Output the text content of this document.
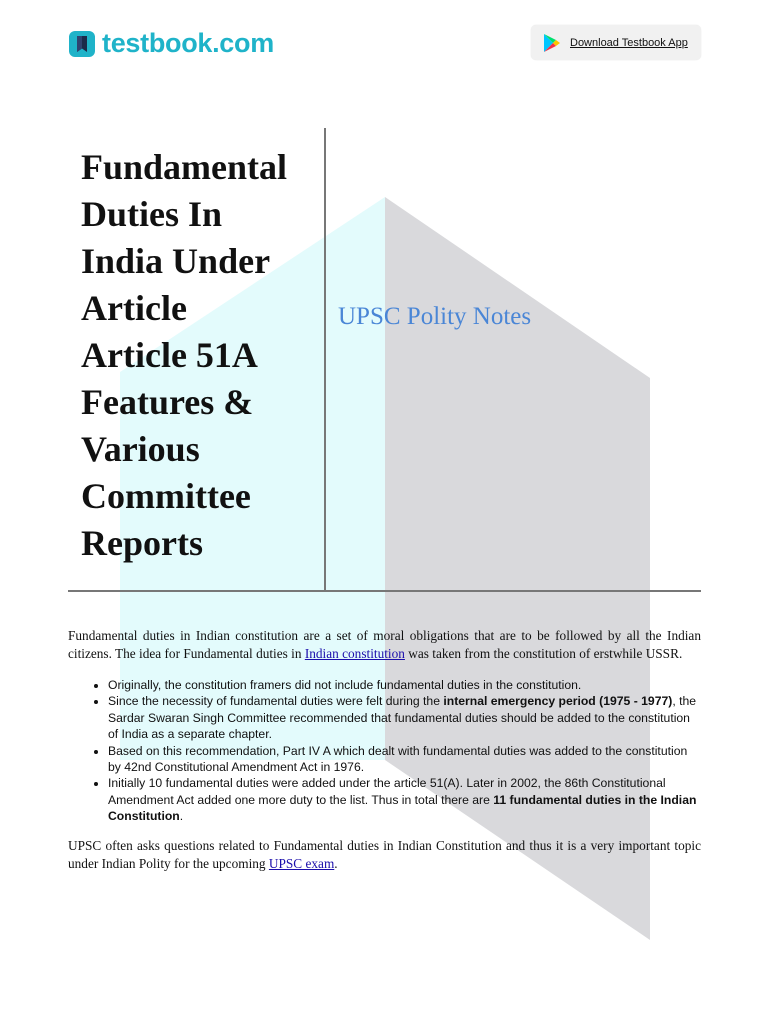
testbook.com	Download Testbook App
Fundamental
Duties In
India Under
Article
Article 51A
Features &
Various
Committee
Reports
UPSC Polity Notes

Fundamental duties in Indian constitution are a set of moral obligations that are to be followed by all the Indian citizens. The idea for Fundamental duties in Indian constitution was taken from the constitution of erstwhile USSR.

• Originally, the constitution framers did not include fundamental duties in the constitution.
• Since the necessity of fundamental duties were felt during the internal emergency period (1975 - 1977), the Sardar Swaran Singh Committee recommended that fundamental duties should be added to the constitution of India as a separate chapter.
• Based on this recommendation, Part IV A which dealt with fundamental duties was added to the constitution by 42nd Constitutional Amendment Act in 1976.
• Initially 10 fundamental duties were added under the article 51(A). Later in 2002, the 86th Constitutional Amendment Act added one more duty to the list. Thus in total there are 11 fundamental duties in the Indian Constitution.

UPSC often asks questions related to Fundamental duties in Indian Constitution and thus it is a very important topic under Indian Polity for the upcoming UPSC exam.
